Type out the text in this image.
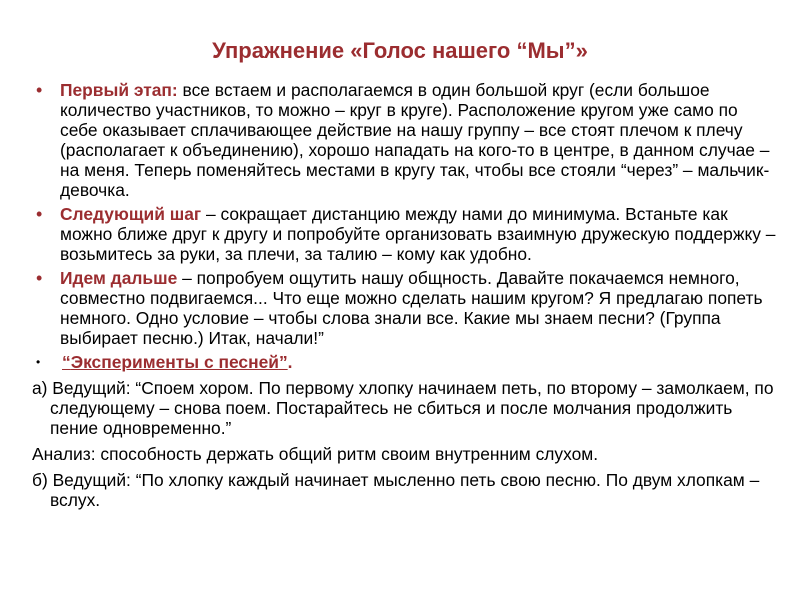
Упражнение «Голос нашего “Мы”»
• Первый этап: все встаем и располагаемся в один большой круг (если большое количество участников, то можно – круг в круге). Расположение кругом уже само по себе оказывает сплачивающее действие на нашу группу – все стоят плечом к плечу (располагает к объединению), хорошо нападать на кого-то в центре, в данном случае – на меня. Теперь поменяйтесь местами в кругу так, чтобы все стояли “через” – мальчик-девочка.
• Следующий шаг – сокращает дистанцию между нами до минимума. Встаньте как можно ближе друг к другу и попробуйте организовать взаимную дружескую поддержку – возьмитесь за руки, за плечи, за талию – кому как удобно.
• Идем дальше – попробуем ощутить нашу общность. Давайте покачаемся немного, совместно подвигаемся... Что еще можно сделать нашим кругом? Я предлагаю попеть немного. Одно условие – чтобы слова знали все. Какие мы знаем песни? (Группа выбирает песню.) Итак, начали!”
• “Эксперименты с песней”.
а) Ведущий: “Споем хором. По первому хлопку начинаем петь, по второму – замолкаем, по следующему – снова поем. Постарайтесь не сбиться и после молчания продолжить пение одновременно.”
Анализ: способность держать общий ритм своим внутренним слухом.
б) Ведущий: “По хлопку каждый начинает мысленно петь свою песню. По двум хлопкам – вслух.
